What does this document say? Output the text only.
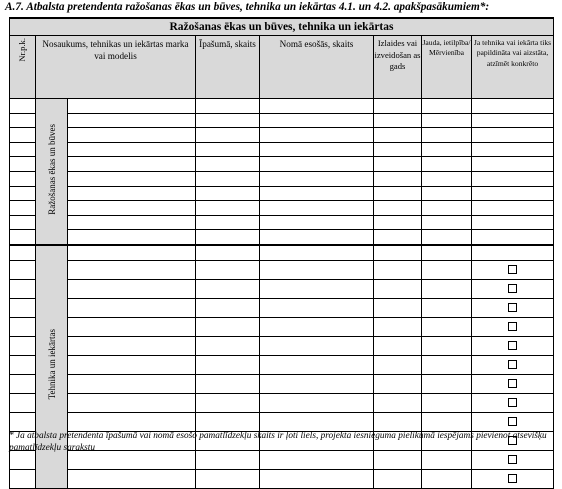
A.7. Atbalsta pretendenta ražošanas ēkas un būves, tehnika un iekārtas 4.1. un 4.2. apakšpasākumiem*:
Ražošanas ēkas un būves, tehnika un iekārtas							
Nr.p.k.	Nosaukums, tehnikas un iekārtas marka vai modelis		Īpašumā, skaits	Nomā esošās, skaits	Izlaides vai izveidošan as gads	Jauda, ietilpība/ Mērvienība	Ja tehnika vai iekārta tiks papildināta vai aizstāta, atzīmēt konkrēto
	Ražošanas ēkas un būves						

	Tehnika un iekārtas						

* Ja atbalsta pretendenta īpašumā vai nomā esošo pamatlīdzekļu skaits ir ļoti liels, projekta iesnieguma pielikumā iespējams pievienot atsevišķu pamatlīdzekļu sarakstu
